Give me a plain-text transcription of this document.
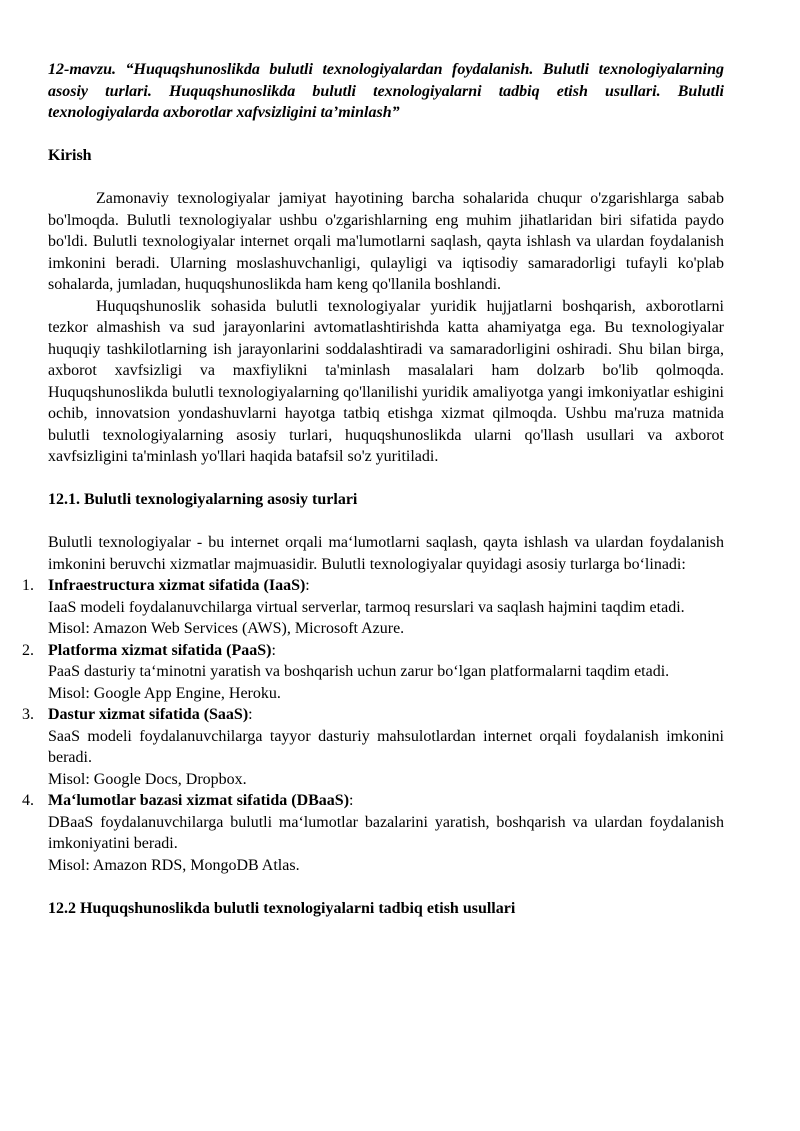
12-mavzu. “Huquqshunoslikda bulutli texnologiyalardan foydalanish. Bulutli texnologiyalarning asosiy turlari. Huquqshunoslikda bulutli texnologiyalarni tadbiq etish usullari. Bulutli texnologiyalarda axborotlar xafvsizligini ta’minlash”

Kirish

Zamonaviy texnologiyalar jamiyat hayotining barcha sohalarida chuqur o'zgarishlarga sabab bo'lmoqda. Bulutli texnologiyalar ushbu o'zgarishlarning eng muhim jihatlaridan biri sifatida paydo bo'ldi. Bulutli texnologiyalar internet orqali ma'lumotlarni saqlash, qayta ishlash va ulardan foydalanish imkonini beradi. Ularning moslashuvchanligi, qulayligi va iqtisodiy samaradorligi tufayli ko'plab sohalarda, jumladan, huquqshunoslikda ham keng qo'llanila boshlandi.

Huquqshunoslik sohasida bulutli texnologiyalar yuridik hujjatlarni boshqarish, axborotlarni tezkor almashish va sud jarayonlarini avtomatlashtirishda katta ahamiyatga ega. Bu texnologiyalar huquqiy tashkilotlarning ish jarayonlarini soddalashtiradi va samaradorligini oshiradi. Shu bilan birga, axborot xavfsizligi va maxfiylikni ta'minlash masalalari ham dolzarb bo'lib qolmoqda. Huquqshunoslikda bulutli texnologiyalarning qo'llanilishi yuridik amaliyotga yangi imkoniyatlar eshigini ochib, innovatsion yondashuvlarni hayotga tatbiq etishga xizmat qilmoqda. Ushbu ma'ruza matnida bulutli texnologiyalarning asosiy turlari, huquqshunoslikda ularni qo'llash usullari va axborot xavfsizligini ta'minlash yo'llari haqida batafsil so'z yuritiladi.

12.1. Bulutli texnologiyalarning asosiy turlari

Bulutli texnologiyalar - bu internet orqali ma‘lumotlarni saqlash, qayta ishlash va ulardan foydalanish imkonini beruvchi xizmatlar majmuasidir. Bulutli texnologiyalar quyidagi asosiy turlarga bo‘linadi:

1. Infraestructura xizmat sifatida (IaaS):

IaaS modeli foydalanuvchilarga virtual serverlar, tarmoq resurslari va saqlash hajmini taqdim etadi.

Misol: Amazon Web Services (AWS), Microsoft Azure.

2. Platforma xizmat sifatida (PaaS):

PaaS dasturiy ta‘minotni yaratish va boshqarish uchun zarur bo‘lgan platformalarni taqdim etadi.

Misol: Google App Engine, Heroku.

3. Dastur xizmat sifatida (SaaS):

SaaS modeli foydalanuvchilarga tayyor dasturiy mahsulotlardan internet orqali foydalanish imkonini beradi.

Misol: Google Docs, Dropbox.

4. Ma‘lumotlar bazasi xizmat sifatida (DBaaS):

DBaaS foydalanuvchilarga bulutli ma‘lumotlar bazalarini yaratish, boshqarish va ulardan foydalanish imkoniyatini beradi.

Misol: Amazon RDS, MongoDB Atlas.

12.2 Huquqshunoslikda bulutli texnologiyalarni tadbiq etish usullari
